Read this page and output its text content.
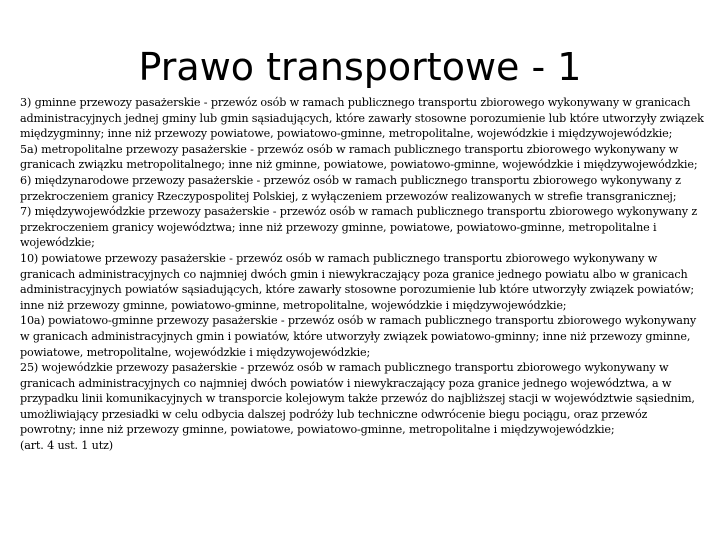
Prawo transportowe - 1

3) gminne przewozy pasażerskie - przewóz osób w ramach publicznego transportu zbiorowego wykonywany w granicach administracyjnych jednej gminy lub gmin sąsiadujących, które zawarły stosowne porozumienie lub które utworzyły związek międzygminny; inne niż przewozy powiatowe, powiatowo-gminne, metropolitalne, wojewódzkie i międzywojewódzkie;

5a) metropolitalne przewozy pasażerskie - przewóz osób w ramach publicznego transportu zbiorowego wykonywany w granicach związku metropolitalnego; inne niż gminne, powiatowe, powiatowo-gminne, wojewódzkie i międzywojewódzkie;

6) międzynarodowe przewozy pasażerskie - przewóz osób w ramach publicznego transportu zbiorowego wykonywany z przekroczeniem granicy Rzeczypospolitej Polskiej, z wyłączeniem przewozów realizowanych w strefie transgranicznej;

7) międzywojewódzkie przewozy pasażerskie - przewóz osób w ramach publicznego transportu zbiorowego wykonywany z przekroczeniem granicy województwa; inne niż przewozy gminne, powiatowe, powiatowo-gminne, metropolitalne i wojewódzkie;

10) powiatowe przewozy pasażerskie - przewóz osób w ramach publicznego transportu zbiorowego wykonywany w granicach administracyjnych co najmniej dwóch gmin i niewykraczający poza granice jednego powiatu albo w granicach administracyjnych powiatów sąsiadujących, które zawarły stosowne porozumienie lub które utworzyły związek powiatów; inne niż przewozy gminne, powiatowo-gminne, metropolitalne, wojewódzkie i międzywojewódzkie;

10a) powiatowo-gminne przewozy pasażerskie - przewóz osób w ramach publicznego transportu zbiorowego wykonywany w granicach administracyjnych gmin i powiatów, które utworzyły związek powiatowo-gminny; inne niż przewozy gminne, powiatowe, metropolitalne, wojewódzkie i międzywojewódzkie;

25) wojewódzkie przewozy pasażerskie - przewóz osób w ramach publicznego transportu zbiorowego wykonywany w granicach administracyjnych co najmniej dwóch powiatów i niewykraczający poza granice jednego województwa, a w przypadku linii komunikacyjnych w transporcie kolejowym także przewóz do najbliższej stacji w województwie sąsiednim, umożliwiający przesiadki w celu odbycia dalszej podróży lub techniczne odwrócenie biegu pociągu, oraz przewóz powrotny; inne niż przewozy gminne, powiatowe, powiatowo-gminne, metropolitalne i międzywojewódzkie;

(art. 4 ust. 1 utz)
